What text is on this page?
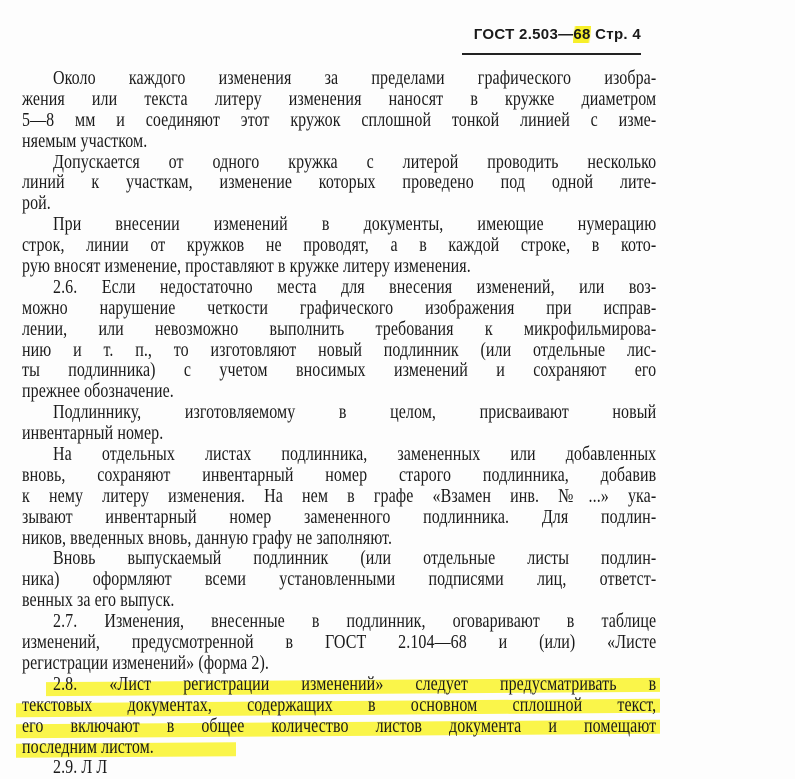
ГОСТ 2.503—68 Стр. 4
Около каждого изменения за пределами графического изобра-
жения или текста литеру изменения наносят в кружке диаметром
5—8 мм и соединяют этот кружок сплошной тонкой линией с изме-
няемым участком.
Допускается от одного кружка с литерой проводить несколько
линий к участкам, изменение которых проведено под одной лите-
рой.
При внесении изменений в документы, имеющие нумерацию
строк, линии от кружков не проводят, а в каждой строке, в кото-
рую вносят изменение, проставляют в кружке литеру изменения.
2.6. Если недостаточно места для внесения изменений, или воз-
можно нарушение четкости графического изображения при исправ-
лении, или невозможно выполнить требования к микрофильмирова-
нию и т. п., то изготовляют новый подлинник (или отдельные лис-
ты подлинника) с учетом вносимых изменений и сохраняют его
прежнее обозначение.
Подлиннику, изготовляемому в целом, присваивают новый
инвентарный номер.
На отдельных листах подлинника, замененных или добавленных
вновь, сохраняют инвентарный номер старого подлинника, добавив
к нему литеру изменения. На нем в графе «Взамен инв. №...» ука-
зывают инвентарный номер замененного подлинника. Для подлин-
ников, введенных вновь, данную графу не заполняют.
Вновь выпускаемый подлинник (или отдельные листы подлин-
ника) оформляют всеми установленными подписями лиц, ответст-
венных за его выпуск.
2.7. Изменения, внесенные в подлинник, оговаривают в таблице
изменений, предусмотренной в ГОСТ 2.104—68 и (или) «Листе
регистрации изменений» (форма 2).
2.8. «Лист регистрации изменений» следует предусматривать в
текстовых документах, содержащих в основном сплошной текст,
его включают в общее количество листов документа и помещают
последним листом.
2.9. Л Л
